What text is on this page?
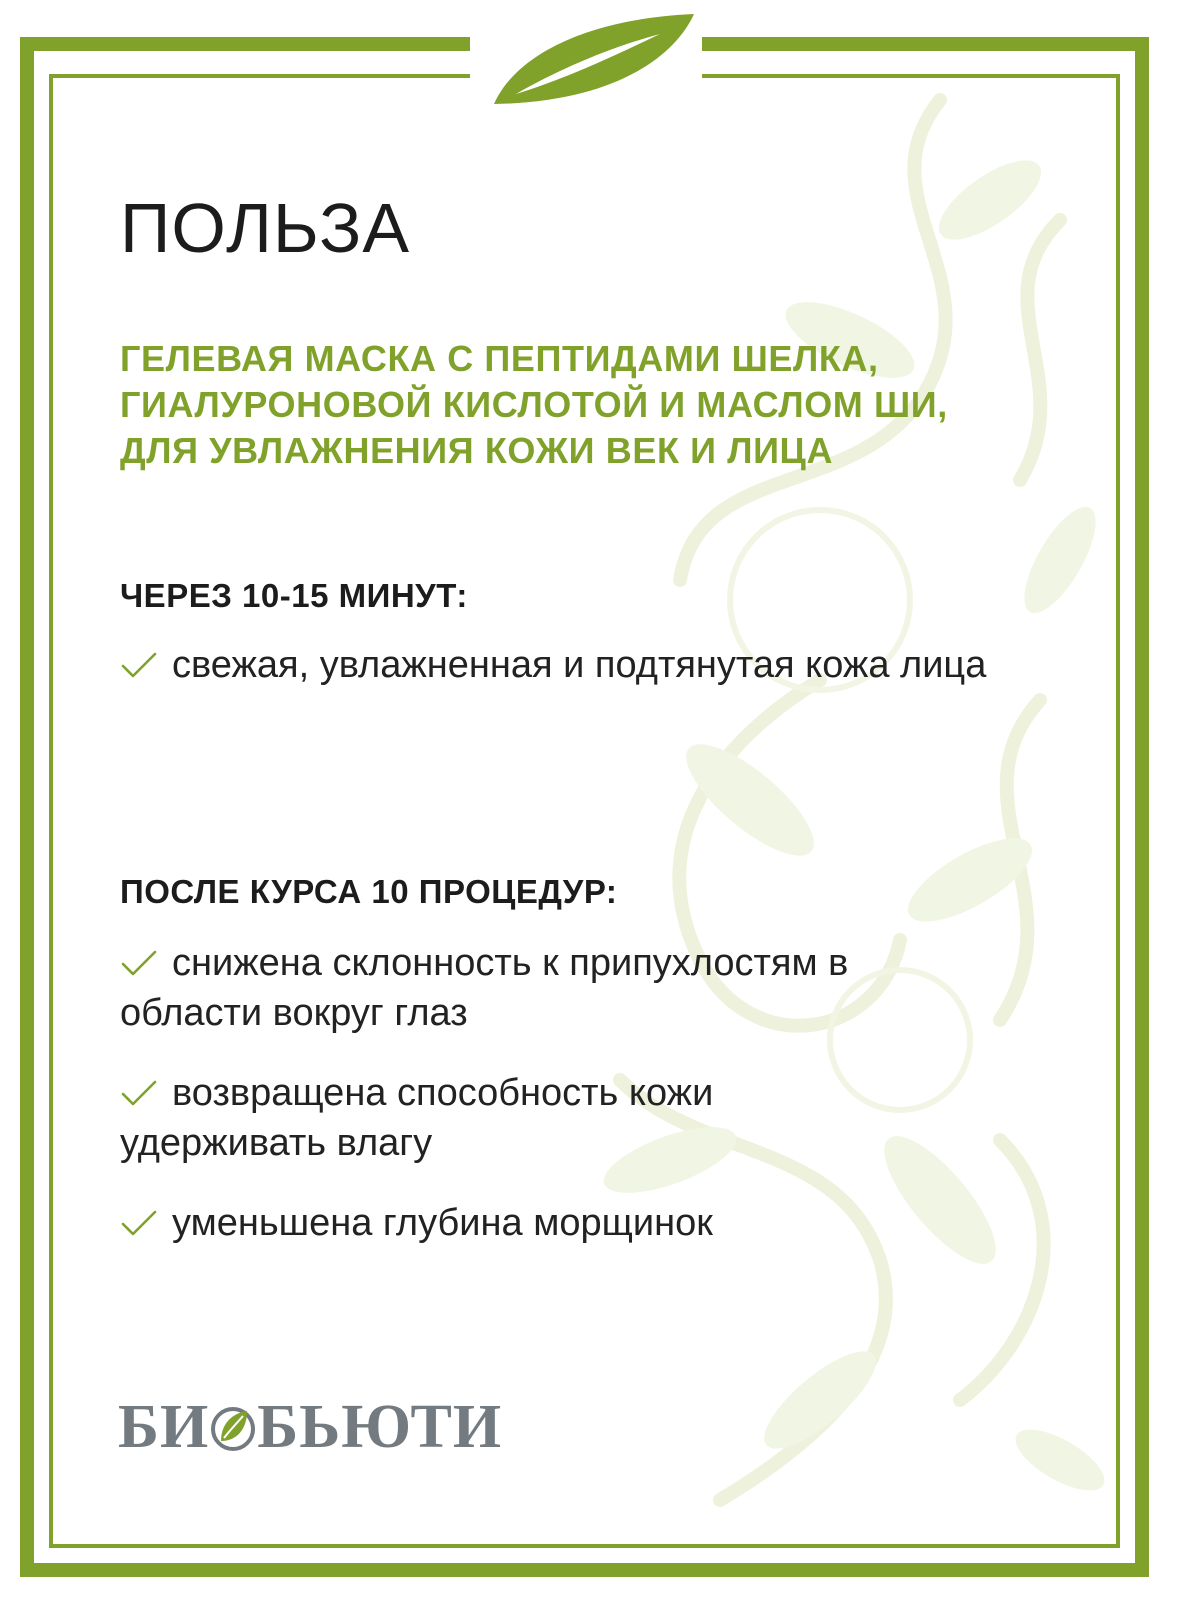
ПОЛЬЗА

ГЕЛЕВАЯ МАСКА С ПЕПТИДАМИ ШЕЛКА,
ГИАЛУРОНОВОЙ КИСЛОТОЙ И МАСЛОМ ШИ,
ДЛЯ УВЛАЖНЕНИЯ КОЖИ ВЕК И ЛИЦА

ЧЕРЕЗ 10-15 МИНУТ:

свежая, увлажненная и подтянутая кожа лица

ПОСЛЕ КУРСА 10 ПРОЦЕДУР:

снижена склонность к припухлостям в области вокруг глаз

возвращена способность кожи удерживать влагу

уменьшена глубина морщинок

БИ БЬЮТИ
